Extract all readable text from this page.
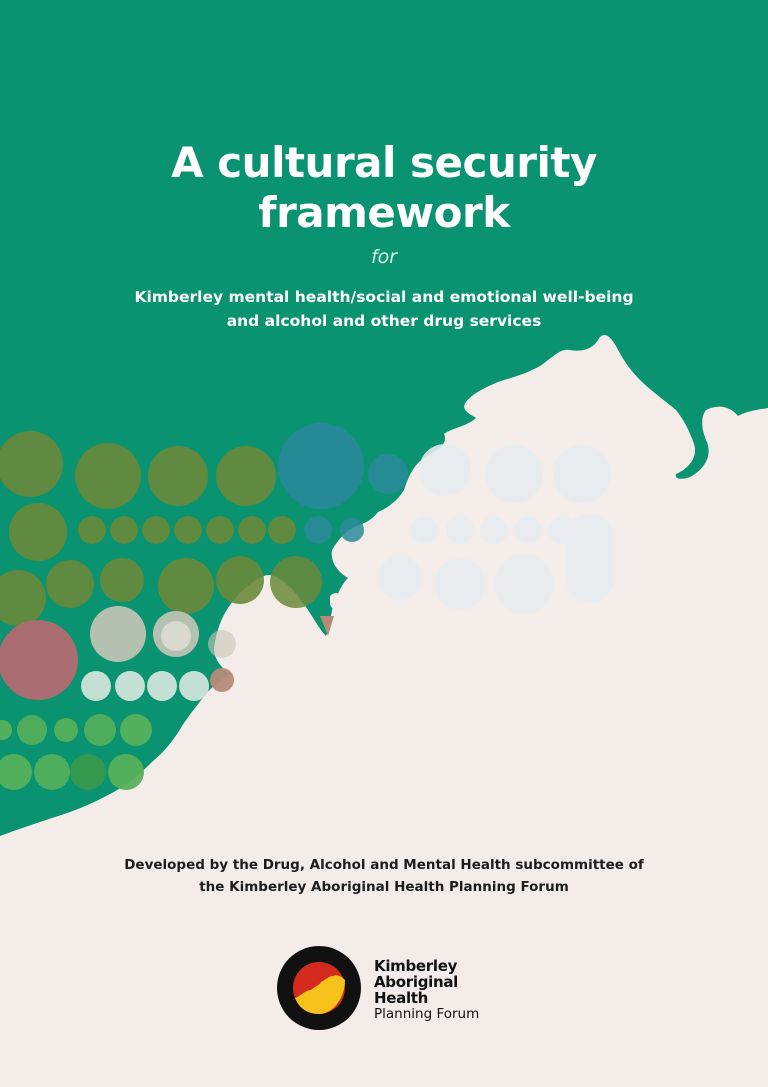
A cultural security
framework
for
Kimberley mental health/social and emotional well-being
and alcohol and other drug services
Developed by the Drug, Alcohol and Mental Health subcommittee of
the Kimberley Aboriginal Health Planning Forum
Kimberley
Aboriginal
Health
Planning Forum
